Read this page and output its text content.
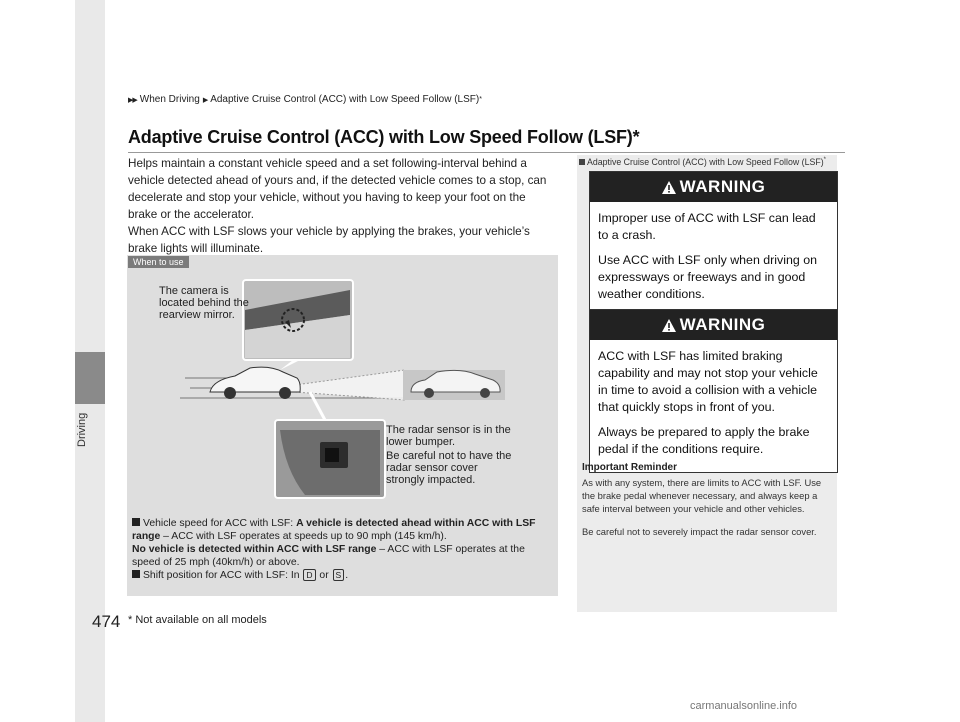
Driving
▶▶ When Driving ▶ Adaptive Cruise Control (ACC) with Low Speed Follow (LSF) *
Adaptive Cruise Control (ACC) with Low Speed Follow (LSF)*

Helps maintain a constant vehicle speed and a set following-interval behind a vehicle detected ahead of yours and, if the detected vehicle comes to a stop, can decelerate and stop your vehicle, without you having to keep your foot on the brake or the accelerator.

When ACC with LSF slows your vehicle by applying the brakes, your vehicle’s brake lights will illuminate.

When to use
The camera is located behind the rearview mirror.
The radar sensor is in the lower bumper.
Be careful not to have the radar sensor cover strongly impacted.
Vehicle speed for ACC with LSF: A vehicle is detected ahead within ACC with LSF range – ACC with LSF operates at speeds up to 90 mph (145 km/h).
No vehicle is detected within ACC with LSF range – ACC with LSF operates at the speed of 25 mph (40km/h) or above.
Shift position for ACC with LSF: In D or S .
Adaptive Cruise Control (ACC) with Low Speed Follow (LSF)*
WARNING

Improper use of ACC with LSF can lead to a crash.

Use ACC with LSF only when driving on expressways or freeways and in good weather conditions.

WARNING

ACC with LSF has limited braking capability and may not stop your vehicle in time to avoid a collision with a vehicle that quickly stops in front of you.

Always be prepared to apply the brake pedal if the conditions require.

Important Reminder

As with any system, there are limits to ACC with LSF. Use the brake pedal whenever necessary, and always keep a safe interval between your vehicle and other vehicles.

Be careful not to severely impact the radar sensor cover.

474 * Not available on all models
carmanualsonline.info
